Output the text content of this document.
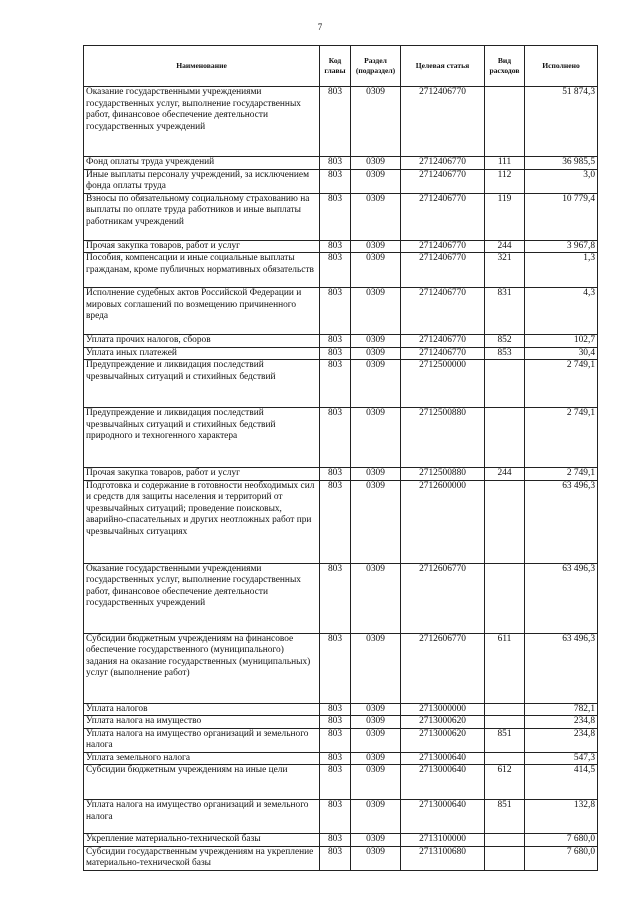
7
Наименование	Код главы	Раздел (подраздел)	Целевая статья	Вид расходов	Исполнено
Оказание государственными учреждениями государственных услуг, выполнение государственных работ, финансовое обеспечение деятельности государственных учреждений	803	0309	2712406770		51 874,3
Фонд оплаты труда учреждений	803	0309	2712406770	111	36 985,5
Иные выплаты персоналу учреждений, за исключением фонда оплаты труда	803	0309	2712406770	112	3,0
Взносы по обязательному социальному страхованию на выплаты по оплате труда работников и иные выплаты работникам учреждений	803	0309	2712406770	119	10 779,4
Прочая закупка товаров, работ и услуг	803	0309	2712406770	244	3 967,8
Пособия, компенсации и иные социальные выплаты гражданам, кроме публичных нормативных обязательств	803	0309	2712406770	321	1,3
Исполнение судебных актов Российской Федерации и мировых соглашений по возмещению причиненного вреда	803	0309	2712406770	831	4,3
Уплата прочих налогов, сборов	803	0309	2712406770	852	102,7
Уплата иных платежей	803	0309	2712406770	853	30,4
Предупреждение и ликвидация последствий чрезвычайных ситуаций и стихийных бедствий	803	0309	2712500000		2 749,1
Предупреждение и ликвидация последствий чрезвычайных ситуаций и стихийных бедствий природного и техногенного характера	803	0309	2712500880		2 749,1
Прочая закупка товаров, работ и услуг	803	0309	2712500880	244	2 749,1
Подготовка и содержание в готовности необходимых сил и средств для защиты населения и территорий от чрезвычайных ситуаций; проведение поисковых, аварийно-спасательных и других неотложных работ при чрезвычайных ситуациях	803	0309	2712600000		63 496,3
Оказание государственными учреждениями государственных услуг, выполнение государственных работ, финансовое обеспечение деятельности государственных учреждений	803	0309	2712606770		63 496,3
Субсидии бюджетным учреждениям на финансовое обеспечение государственного (муниципального) задания на оказание государственных (муниципальных) услуг (выполнение работ)	803	0309	2712606770	611	63 496,3
Уплата налогов	803	0309	2713000000		782,1
Уплата налога на имущество	803	0309	2713000620		234,8
Уплата налога на имущество организаций и земельного налога	803	0309	2713000620	851	234,8
Уплата земельного налога	803	0309	2713000640		547,3
Субсидии бюджетным учреждениям на иные цели	803	0309	2713000640	612	414,5
Уплата налога на имущество организаций и земельного налога	803	0309	2713000640	851	132,8
Укрепление материально-технической базы	803	0309	2713100000		7 680,0
Субсидии государственным учреждениям на укрепление материально-технической базы	803	0309	2713100680		7 680,0
